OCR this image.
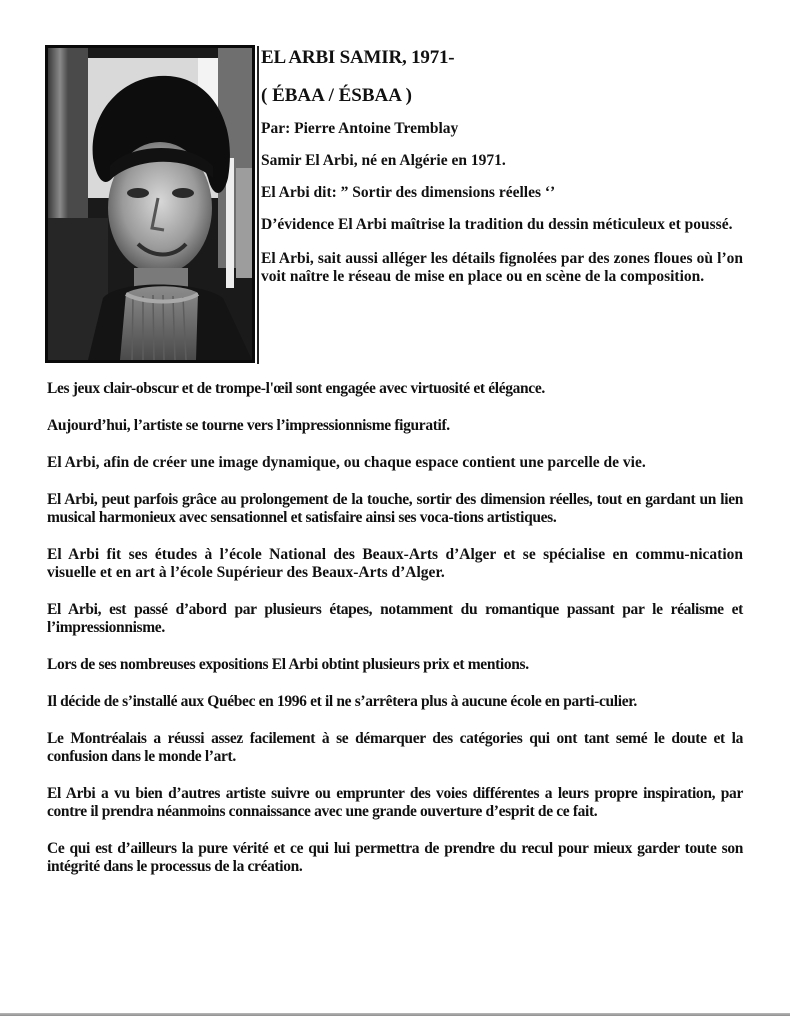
EL ARBI SAMIR, 1971-
( ÉBAA / ÉSBAA )

Par: Pierre Antoine Tremblay

Samir El Arbi, né en Algérie en 1971.

El Arbi dit: ” Sortir des dimensions réelles ‘’

D’évidence El Arbi maîtrise la tradition du dessin méticuleux et poussé.

El Arbi, sait aussi alléger les détails fignolées par des zones floues où l’on voit naître le réseau de mise en place ou en scène de la composition.

Les jeux clair-obscur et de trompe-l'œil sont engagée avec virtuosité et élégance.

Aujourd’hui, l’artiste se tourne vers l’impressionnisme figuratif.

El Arbi, afin de créer une image dynamique, ou chaque espace contient une parcelle de vie.

El Arbi, peut parfois grâce au prolongement de la touche, sortir des dimension réelles, tout en gardant un lien musical harmonieux avec sensationnel et satisfaire ainsi ses voca-tions artistiques.

El Arbi fit ses études à l’école National des Beaux-Arts d’Alger et se spécialise en commu-nication visuelle et en art à l’école Supérieur des Beaux-Arts d’Alger.

El Arbi, est passé d’abord par plusieurs étapes, notamment du romantique passant par le réalisme et l’impressionnisme.

Lors de ses nombreuses expositions El Arbi obtint plusieurs prix et mentions.

Il décide de s’installé aux Québec en 1996 et il ne s’arrêtera plus à aucune école en parti-culier.

Le Montréalais a réussi assez facilement à se démarquer des catégories qui ont tant semé le doute et la confusion dans le monde l’art.

El Arbi a vu bien d’autres artiste suivre ou emprunter des voies différentes a leurs propre inspiration, par contre il prendra néanmoins connaissance avec une grande ouverture d’esprit de ce fait.

Ce qui est d’ailleurs la pure vérité et ce qui lui permettra de prendre du recul pour mieux garder toute son intégrité dans le processus de la création.
